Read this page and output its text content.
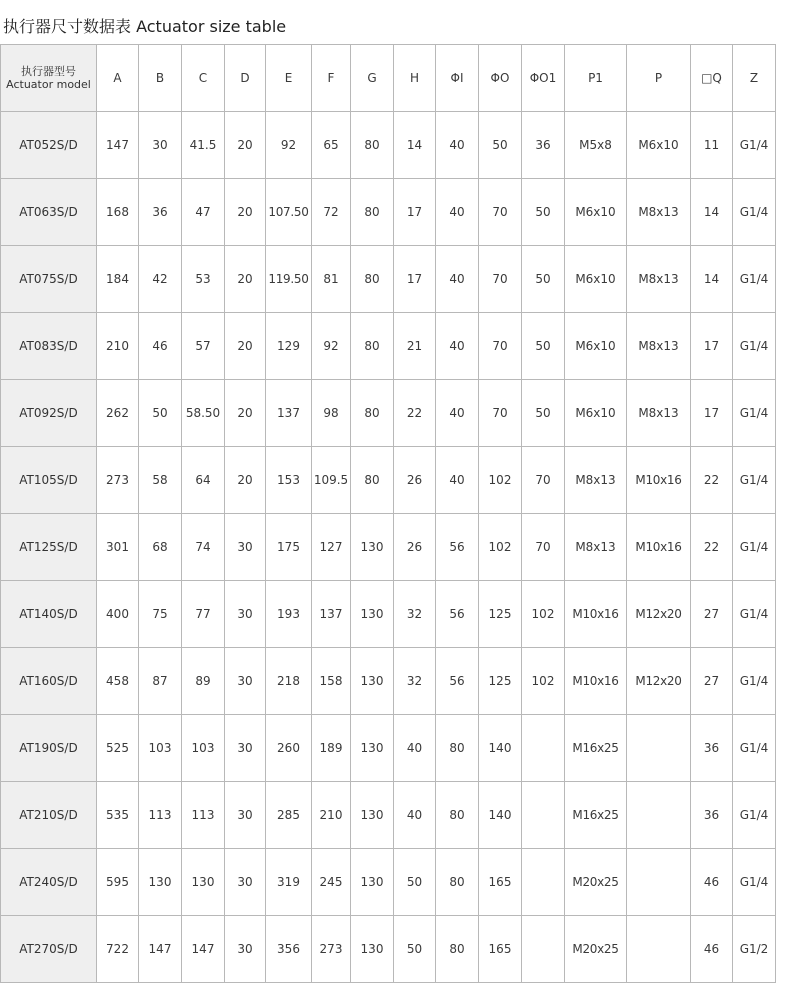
执行器尺寸数据表 Actuator size table
执行器型号
Actuator model	A	B	C	D	E	F	G	H	ΦI	ΦO	ΦO1	P1	P	□Q	Z
AT052S/D	147	30	41.5	20	92	65	80	14	40	50	36	M5x8	M6x10	11	G1/4
AT063S/D	168	36	47	20	107.50	72	80	17	40	70	50	M6x10	M8x13	14	G1/4
AT075S/D	184	42	53	20	119.50	81	80	17	40	70	50	M6x10	M8x13	14	G1/4
AT083S/D	210	46	57	20	129	92	80	21	40	70	50	M6x10	M8x13	17	G1/4
AT092S/D	262	50	58.50	20	137	98	80	22	40	70	50	M6x10	M8x13	17	G1/4
AT105S/D	273	58	64	20	153	109.5	80	26	40	102	70	M8x13	M10x16	22	G1/4
AT125S/D	301	68	74	30	175	127	130	26	56	102	70	M8x13	M10x16	22	G1/4
AT140S/D	400	75	77	30	193	137	130	32	56	125	102	M10x16	M12x20	27	G1/4
AT160S/D	458	87	89	30	218	158	130	32	56	125	102	M10x16	M12x20	27	G1/4
AT190S/D	525	103	103	30	260	189	130	40	80	140		M16x25		36	G1/4
AT210S/D	535	113	113	30	285	210	130	40	80	140		M16x25		36	G1/4
AT240S/D	595	130	130	30	319	245	130	50	80	165		M20x25		46	G1/4
AT270S/D	722	147	147	30	356	273	130	50	80	165		M20x25		46	G1/2
